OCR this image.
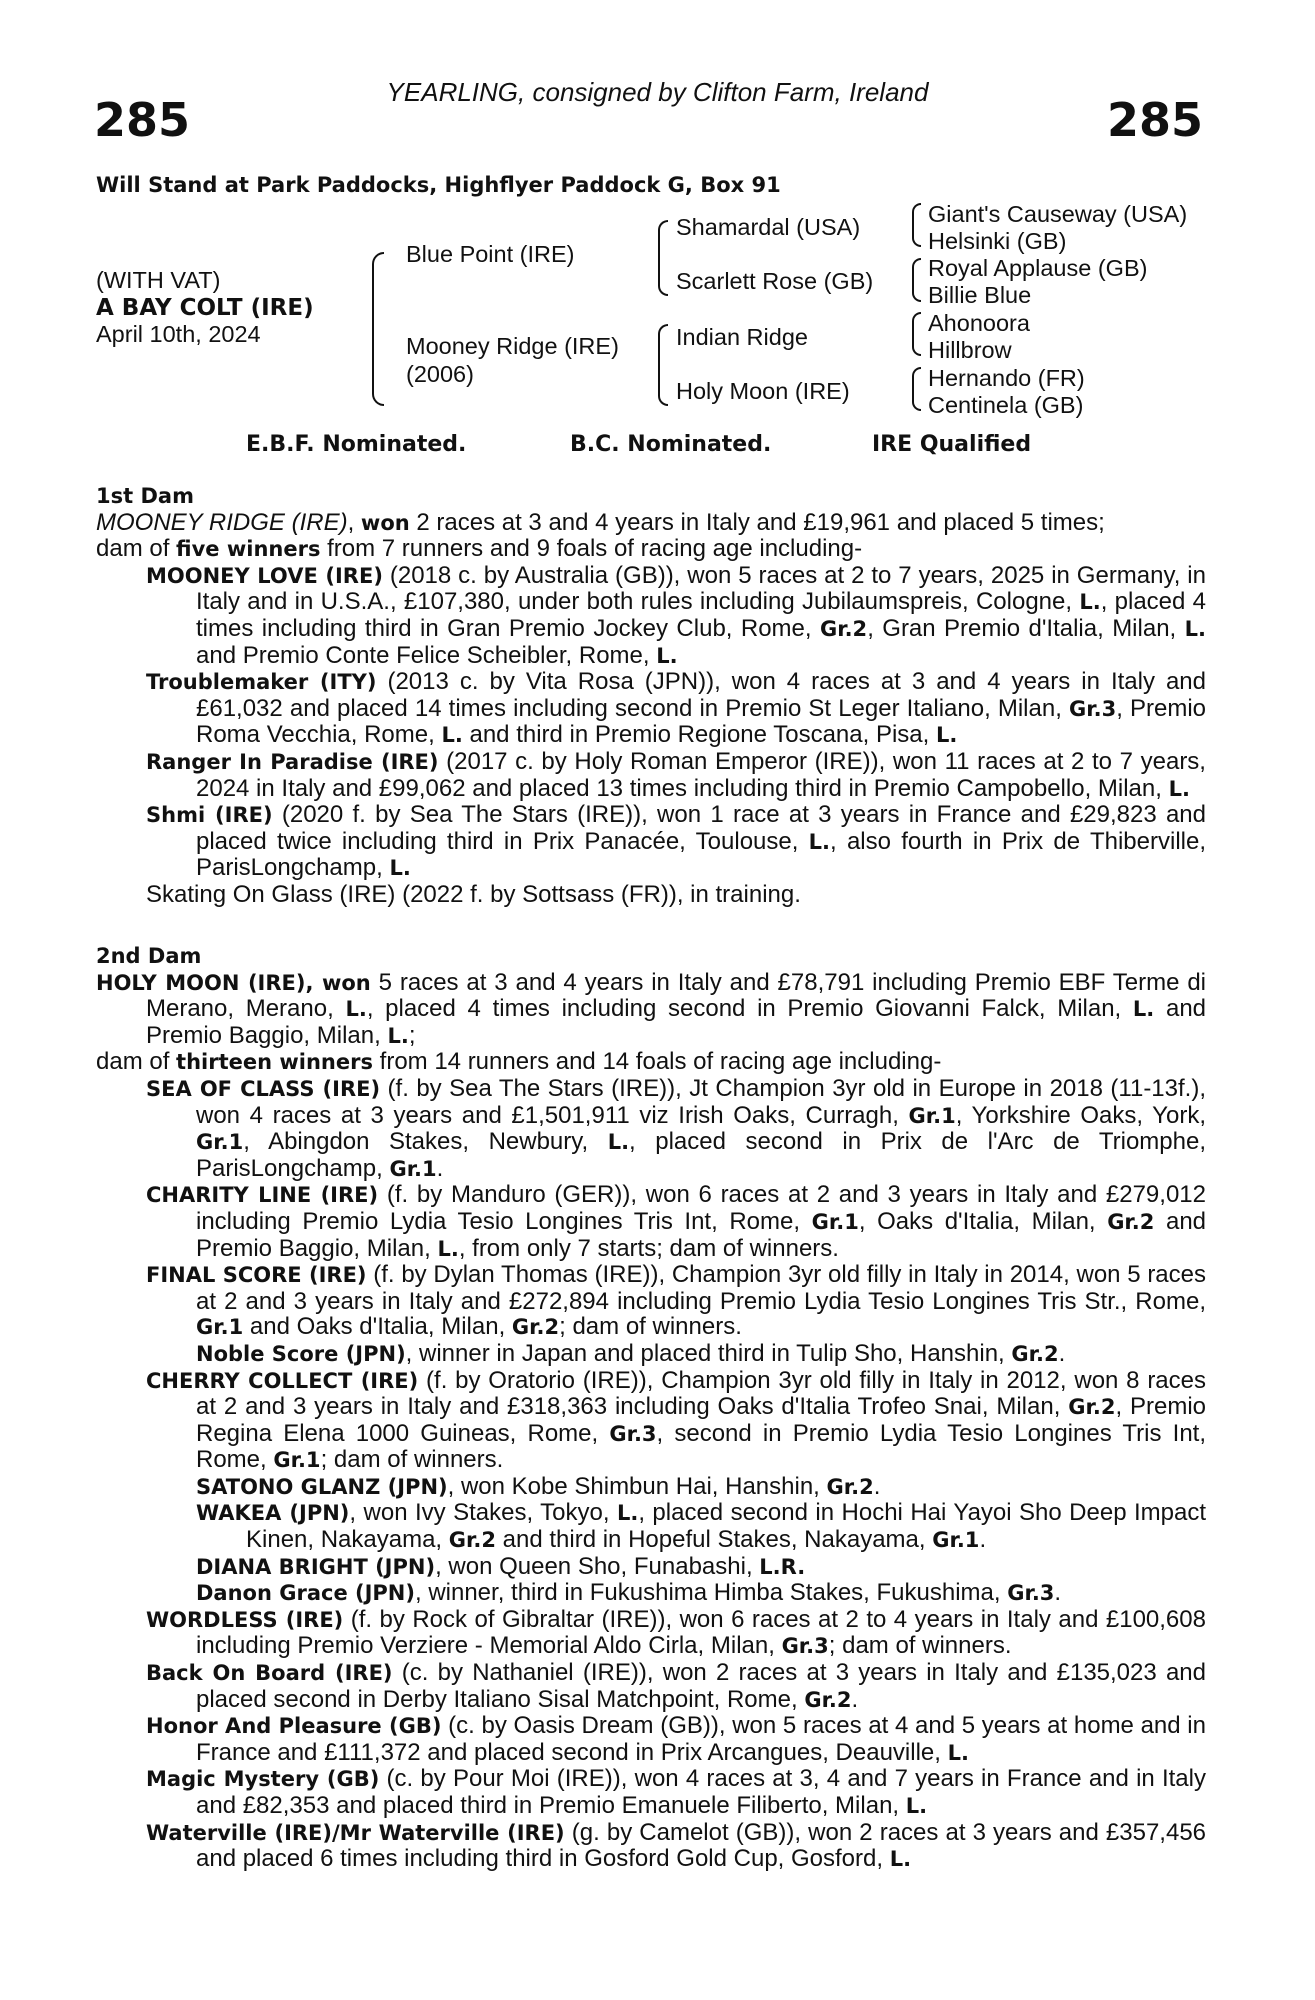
YEARLING, consigned by Clifton Farm, Ireland
285	285
Will Stand at Park Paddocks, Highflyer Paddock G, Box 91
(WITH VAT)
A BAY COLT (IRE)
April 10th, 2024
Blue Point (IRE)
Mooney Ridge (IRE)
(2006)
Shamardal (USA)
Scarlett Rose (GB)
Indian Ridge
Holy Moon (IRE)
Giant's Causeway (USA)
Helsinki (GB)
Royal Applause (GB)
Billie Blue
Ahonoora
Hillbrow
Hernando (FR)
Centinela (GB)
E.B.F. Nominated.	B.C. Nominated.	IRE Qualified
1st Dam

MOONEY RIDGE (IRE), won 2 races at 3 and 4 years in Italy and £19,961 and placed 5 times;

dam of five winners from 7 runners and 9 foals of racing age including-

MOONEY LOVE (IRE) (2018 c. by Australia (GB)), won 5 races at 2 to 7 years, 2025 in Germany, in Italy and in U.S.A., £107,380, under both rules including Jubilaumspreis, Cologne, L., placed 4 times including third in Gran Premio Jockey Club, Rome, Gr.2, Gran Premio d'Italia, Milan, L. and Premio Conte Felice Scheibler, Rome, L.

Troublemaker (ITY) (2013 c. by Vita Rosa (JPN)), won 4 races at 3 and 4 years in Italy and £61,032 and placed 14 times including second in Premio St Leger Italiano, Milan, Gr.3, Premio Roma Vecchia, Rome, L. and third in Premio Regione Toscana, Pisa, L.

Ranger In Paradise (IRE) (2017 c. by Holy Roman Emperor (IRE)), won 11 races at 2 to 7 years, 2024 in Italy and £99,062 and placed 13 times including third in Premio Campobello, Milan, L.

Shmi (IRE) (2020 f. by Sea The Stars (IRE)), won 1 race at 3 years in France and £29,823 and placed twice including third in Prix Panacée, Toulouse, L., also fourth in Prix de Thiberville, ParisLongchamp, L.

Skating On Glass (IRE) (2022 f. by Sottsass (FR)), in training.

2nd Dam

HOLY MOON (IRE), won 5 races at 3 and 4 years in Italy and £78,791 including Premio EBF Terme di Merano, Merano, L., placed 4 times including second in Premio Giovanni Falck, Milan, L. and Premio Baggio, Milan, L.;

dam of thirteen winners from 14 runners and 14 foals of racing age including-

SEA OF CLASS (IRE) (f. by Sea The Stars (IRE)), Jt Champion 3yr old in Europe in 2018 (11-13f.), won 4 races at 3 years and £1,501,911 viz Irish Oaks, Curragh, Gr.1, Yorkshire Oaks, York, Gr.1, Abingdon Stakes, Newbury, L., placed second in Prix de l'Arc de Triomphe, ParisLongchamp, Gr.1.

CHARITY LINE (IRE) (f. by Manduro (GER)), won 6 races at 2 and 3 years in Italy and £279,012 including Premio Lydia Tesio Longines Tris Int, Rome, Gr.1, Oaks d'Italia, Milan, Gr.2 and Premio Baggio, Milan, L., from only 7 starts; dam of winners.

FINAL SCORE (IRE) (f. by Dylan Thomas (IRE)), Champion 3yr old filly in Italy in 2014, won 5 races at 2 and 3 years in Italy and £272,894 including Premio Lydia Tesio Longines Tris Str., Rome, Gr.1 and Oaks d'Italia, Milan, Gr.2; dam of winners.

Noble Score (JPN), winner in Japan and placed third in Tulip Sho, Hanshin, Gr.2.

CHERRY COLLECT (IRE) (f. by Oratorio (IRE)), Champion 3yr old filly in Italy in 2012, won 8 races at 2 and 3 years in Italy and £318,363 including Oaks d'Italia Trofeo Snai, Milan, Gr.2, Premio Regina Elena 1000 Guineas, Rome, Gr.3, second in Premio Lydia Tesio Longines Tris Int, Rome, Gr.1; dam of winners.

SATONO GLANZ (JPN), won Kobe Shimbun Hai, Hanshin, Gr.2.

WAKEA (JPN), won Ivy Stakes, Tokyo, L., placed second in Hochi Hai Yayoi Sho Deep Impact Kinen, Nakayama, Gr.2 and third in Hopeful Stakes, Nakayama, Gr.1.

DIANA BRIGHT (JPN), won Queen Sho, Funabashi, L.R.

Danon Grace (JPN), winner, third in Fukushima Himba Stakes, Fukushima, Gr.3.

WORDLESS (IRE) (f. by Rock of Gibraltar (IRE)), won 6 races at 2 to 4 years in Italy and £100,608 including Premio Verziere - Memorial Aldo Cirla, Milan, Gr.3; dam of winners.

Back On Board (IRE) (c. by Nathaniel (IRE)), won 2 races at 3 years in Italy and £135,023 and placed second in Derby Italiano Sisal Matchpoint, Rome, Gr.2.

Honor And Pleasure (GB) (c. by Oasis Dream (GB)), won 5 races at 4 and 5 years at home and in France and £111,372 and placed second in Prix Arcangues, Deauville, L.

Magic Mystery (GB) (c. by Pour Moi (IRE)), won 4 races at 3, 4 and 7 years in France and in Italy and £82,353 and placed third in Premio Emanuele Filiberto, Milan, L.

Waterville (IRE)/Mr Waterville (IRE) (g. by Camelot (GB)), won 2 races at 3 years and £357,456 and placed 6 times including third in Gosford Gold Cup, Gosford, L.
